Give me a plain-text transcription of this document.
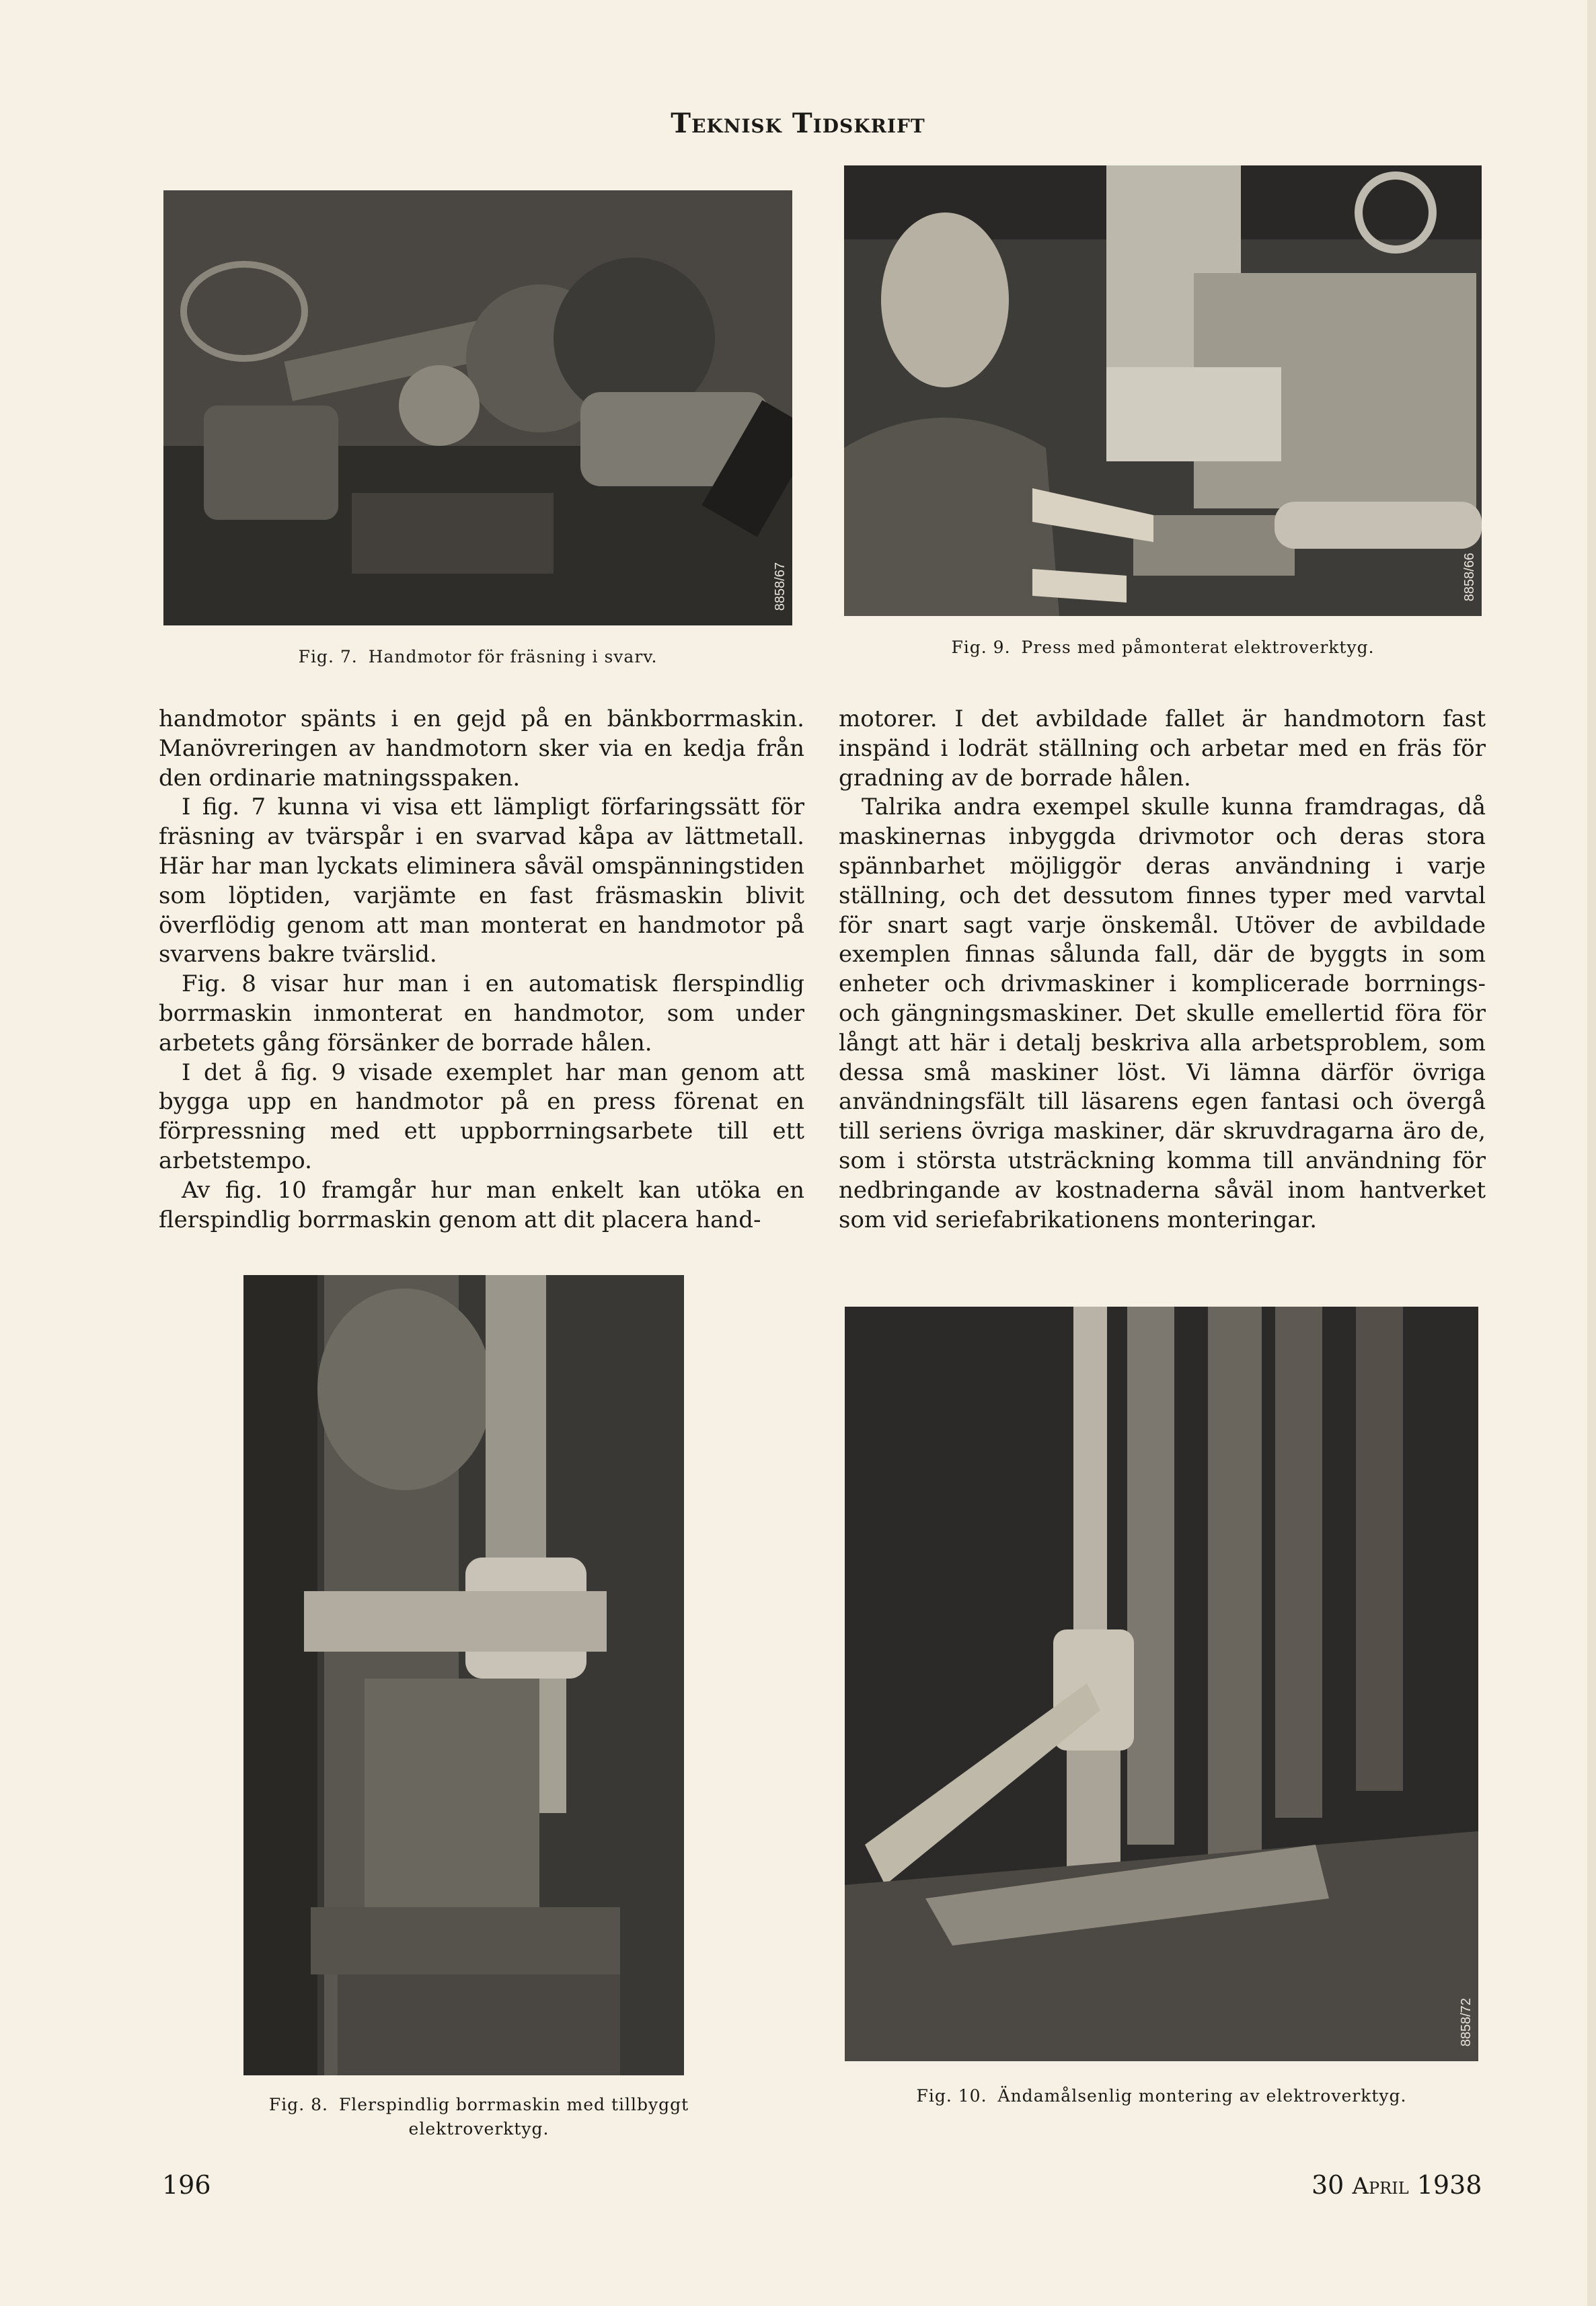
Teknisk Tidskrift
8858/67	8858/66
Fig. 7. Handmotor för fräsning i svarv.	Fig. 9. Press med påmonterat elektroverktyg.

handmotor spänts i en gejd på en bänkborrmaskin. Manövreringen av handmotorn sker via en kedja från den ordinarie matningsspaken.

I fig. 7 kunna vi visa ett lämpligt förfaringssätt för fräsning av tvärspår i en svarvad kåpa av lättmetall. Här har man lyckats eliminera såväl omspänningstiden som löptiden, varjämte en fast fräsmaskin blivit överflödig genom att man monterat en handmotor på svarvens bakre tvärslid.

Fig. 8 visar hur man i en automatisk flerspindlig borrmaskin inmonterat en handmotor, som under arbetets gång försänker de borrade hålen.

I det å fig. 9 visade exemplet har man genom att bygga upp en handmotor på en press förenat en förpressning med ett uppborrningsarbete till ett arbetstempo.

Av fig. 10 framgår hur man enkelt kan utöka en flerspindlig borrmaskin genom att dit placera hand-

motorer. I det avbildade fallet är handmotorn fast inspänd i lodrät ställning och arbetar med en fräs för gradning av de borrade hålen.

Talrika andra exempel skulle kunna framdragas, då maskinernas inbyggda drivmotor och deras stora spännbarhet möjliggör deras användning i varje ställning, och det dessutom finnes typer med varvtal för snart sagt varje önskemål. Utöver de avbildade exemplen finnas sålunda fall, där de byggts in som enheter och drivmaskiner i komplicerade borrnings- och gängningsmaskiner. Det skulle emellertid föra för långt att här i detalj beskriva alla arbetsproblem, som dessa små maskiner löst. Vi lämna därför övriga användningsfält till läsarens egen fantasi och övergå till seriens övriga maskiner, där skruvdragarna äro de, som i största utsträckning komma till användning för nedbringande av kostnaderna såväl inom hantverket som vid seriefabrikationens monteringar.

8858/72
Fig. 8. Flerspindlig borrmaskin med tillbyggt
elektroverktyg.
Fig. 10. Ändamålsenlig montering av elektroverktyg.
196	30 April 1938
